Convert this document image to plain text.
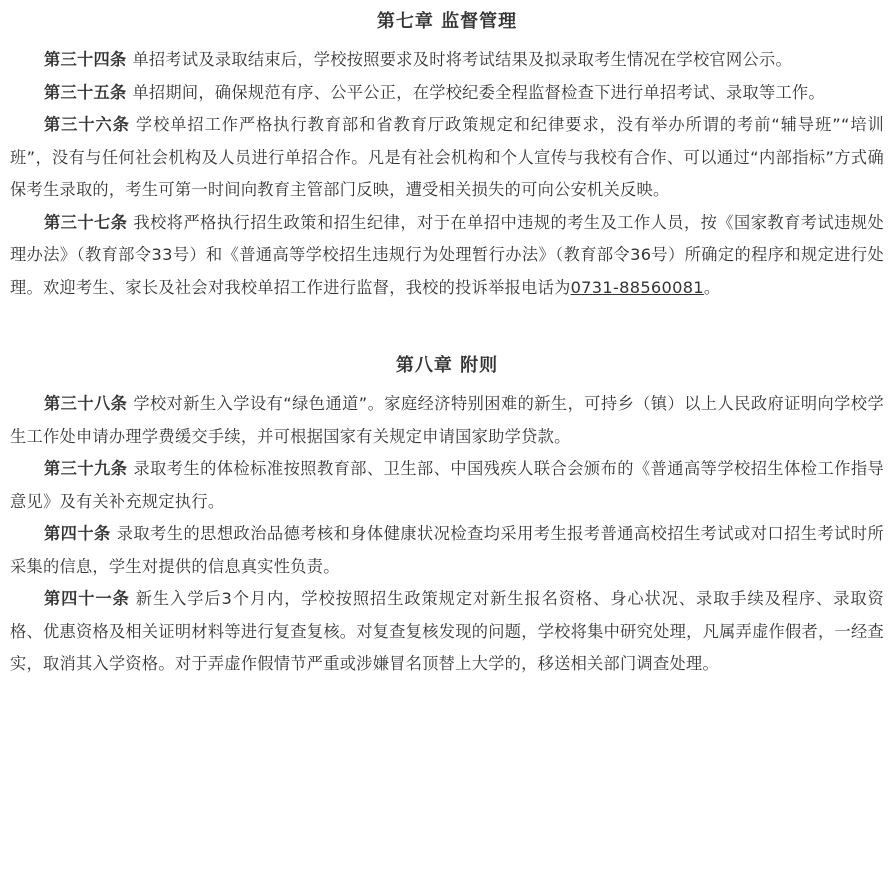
第七章 监督管理

第三十四条 单招考试及录取结束后，学校按照要求及时将考试结果及拟录取考生情况在学校官网公示。

第三十五条 单招期间，确保规范有序、公平公正，在学校纪委全程监督检查下进行单招考试、录取等工作。

第三十六条 学校单招工作严格执行教育部和省教育厅政策规定和纪律要求，没有举办所谓的考前“辅导班”“培训班”，没有与任何社会机构及人员进行单招合作。凡是有社会机构和个人宣传与我校有合作、可以通过“内部指标”方式确保考生录取的，考生可第一时间向教育主管部门反映，遭受相关损失的可向公安机关反映。

第三十七条 我校将严格执行招生政策和招生纪律，对于在单招中违规的考生及工作人员，按《国家教育考试违规处理办法》（教育部令33号）和《普通高等学校招生违规行为处理暂行办法》（教育部令36号）所确定的程序和规定进行处理。欢迎考生、家长及社会对我校单招工作进行监督，我校的投诉举报电话为0731-88560081。

第八章 附则

第三十八条 学校对新生入学设有“绿色通道”。家庭经济特别困难的新生，可持乡（镇）以上人民政府证明向学校学生工作处申请办理学费缓交手续，并可根据国家有关规定申请国家助学贷款。

第三十九条 录取考生的体检标准按照教育部、卫生部、中国残疾人联合会颁布的《普通高等学校招生体检工作指导意见》及有关补充规定执行。

第四十条 录取考生的思想政治品德考核和身体健康状况检查均采用考生报考普通高校招生考试或对口招生考试时所采集的信息，学生对提供的信息真实性负责。

第四十一条 新生入学后3个月内，学校按照招生政策规定对新生报名资格、身心状况、录取手续及程序、录取资格、优惠资格及相关证明材料等进行复查复核。对复查复核发现的问题，学校将集中研究处理，凡属弄虚作假者，一经查实，取消其入学资格。对于弄虚作假情节严重或涉嫌冒名顶替上大学的，移送相关部门调查处理。
